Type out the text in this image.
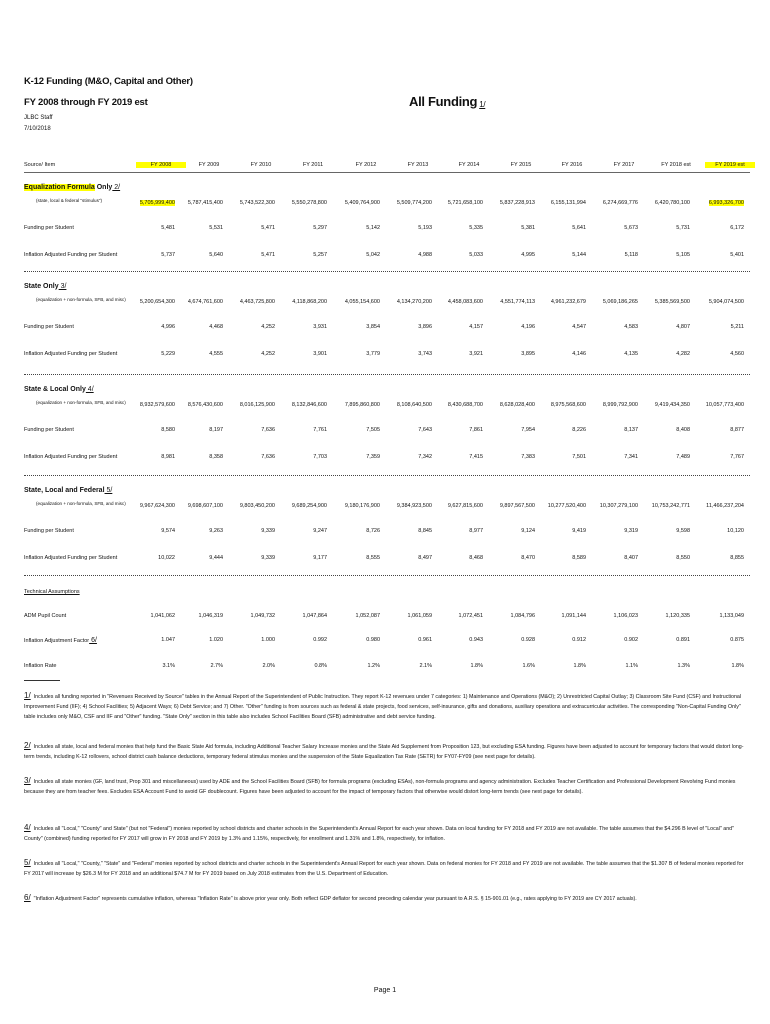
K-12 Funding (M&O, Capital and Other)
FY 2008 through FY 2019 est
JLBC Staff
7/10/2018
All Funding $^{1/}$
Source/ Item	FY 2008	FY 2009	FY 2010	FY 2011	FY 2012	FY 2013	FY 2014	FY 2015	FY 2016	FY 2017	FY 2018 est	FY 2019 est
Equalization Formula Only 2/
(state, local & federal "stimulus")	5,705,999,400	5,787,415,400	5,743,522,300	5,550,278,800	5,409,764,900	5,509,774,200	5,721,658,100	5,837,228,913	6,155,131,994	6,274,669,776	6,420,780,100	6,993,326,700
Funding per Student	5,481	5,531	5,471	5,297	5,142	5,193	5,335	5,381	5,641	5,673	5,731	6,172
Inflation Adjusted Funding per Student	5,737	5,640	5,471	5,257	5,042	4,988	5,033	4,995	5,144	5,118	5,105	5,401
State Only 3/
(equalization + non-formula, SFB, and misc)	5,200,654,300	4,674,761,600	4,463,725,800	4,118,868,200	4,055,154,600	4,134,270,200	4,458,083,600	4,551,774,113	4,961,232,679	5,069,186,265	5,385,569,500	5,904,074,500
Funding per Student	4,996	4,468	4,252	3,931	3,854	3,896	4,157	4,196	4,547	4,583	4,807	5,211
Inflation Adjusted Funding per Student	5,229	4,555	4,252	3,901	3,779	3,743	3,921	3,895	4,146	4,135	4,282	4,560
State & Local Only 4/
(equalization + non-formula, SFB, and misc)	8,932,579,600	8,576,430,600	8,016,125,900	8,132,846,600	7,895,860,800	8,108,640,500	8,430,688,700	8,628,028,400	8,975,568,600	8,999,792,900	9,419,434,350	10,057,773,400
Funding per Student	8,580	8,197	7,636	7,761	7,505	7,643	7,861	7,954	8,226	8,137	8,408	8,877
Inflation Adjusted Funding per Student	8,981	8,358	7,636	7,703	7,359	7,342	7,415	7,383	7,501	7,341	7,489	7,767
State, Local and Federal 5/
(equalization + non-formula, SFB, and misc)	9,967,624,300	9,698,607,100	9,803,450,200	9,689,254,900	9,180,176,900	9,384,923,500	9,627,815,600	9,897,567,500	10,277,520,400	10,307,279,100	10,753,242,771	11,466,237,204
Funding per Student	9,574	9,263	9,339	9,247	8,726	8,845	8,977	9,124	9,419	9,319	9,598	10,120
Inflation Adjusted Funding per Student	10,022	9,444	9,339	9,177	8,555	8,497	8,468	8,470	8,589	8,407	8,550	8,855
Technical Assumptions
ADM Pupil Count	1,041,062	1,046,319	1,049,732	1,047,864	1,052,087	1,061,059	1,072,451	1,084,796	1,091,144	1,106,023	1,120,335	1,133,049
Inflation Adjustment Factor 6/	1.047	1.020	1.000	0.992	0.980	0.961	0.943	0.928	0.912	0.902	0.891	0.875
Inflation Rate	3.1%	2.7%	2.0%	0.8%	1.2%	2.1%	1.8%	1.6%	1.8%	1.1%	1.3%	1.8%
1/ Includes all funding reported in "Revenues Received by Source" tables in the Annual Report of the Superintendent of Public Instruction. They report K-12 revenues under 7 categories: 1) Maintenance and Operations (M&O); 2) Unrestricted Capital Outlay; 3) Classroom Site Fund (CSF) and Instructional Improvement Fund (IIF); 4) School Facilities; 5) Adjacent Ways; 6) Debt Service; and 7) Other. "Other" funding is from sources such as federal & state projects, food services, self-insurance, gifts and donations, auxiliary operations and extracurricular activities. The corresponding "Non-Capital Funding Only" table includes only M&O, CSF and IIF and "Other" funding. "State Only" section in this table also includes School Facilities Board (SFB) administrative and debt service funding.
2/ Includes all state, local and federal monies that help fund the Basic State Aid formula, including Additional Teacher Salary Increase monies and the State Aid Supplement from Proposition 123, but excluding ESA funding. Figures have been adjusted to account for temporary factors that would distort long-term trends, including K-12 rollovers, school district cash balance deductions, temporary federal stimulus monies and the suspension of the State Equalization Tax Rate (SETR) for FY07-FY09 (see next page for details).
3/ Includes all state monies (GF, land trust, Prop 301 and miscellaneous) used by ADE and the School Facilities Board (SFB) for formula programs (excluding ESAs), non-formula programs and agency administration. Excludes Teacher Certification and Professional Development Revolving Fund monies because they are from teacher fees. Excludes ESA Account Fund to avoid GF doublecount. Figures have been adjusted to account for the impact of temporary factors that otherwise would distort long-term trends (see next page for details).
4/ Includes all "Local," "County" and State" (but not "Federal") monies reported by school districts and charter schools in the Superintendent's Annual Report for each year shown. Data on local funding for FY 2018 and FY 2019 are not available. The table assumes that the $4.296 B level of "Local" and" County" (combined) funding reported for FY 2017 will grow in FY 2018 and FY 2019 by 1.3% and 1.15%, respectively, for enrollment and 1.31% and 1.8%, respectively, for inflation.
5/ Includes all "Local," "County," "State" and "Federal" monies reported by school districts and charter schools in the Superintendent's Annual Report for each year shown. Data on federal monies for FY 2018 and FY 2019 are not available. The table assumes that the $1.307 B of federal monies reported for FY 2017 will increase by $26.3 M for FY 2018 and an additional $74.7 M for FY 2019 based on July 2018 estimates from the U.S. Department of Education.
6/ "Inflation Adjustment Factor" represents cumulative inflation, whereas "Inflation Rate" is above prior year only. Both reflect GDP deflator for second preceding calendar year pursuant to A.R.S. § 15-901.01 (e.g., rates applying to FY 2019 are CY 2017 actuals).
Page 1
